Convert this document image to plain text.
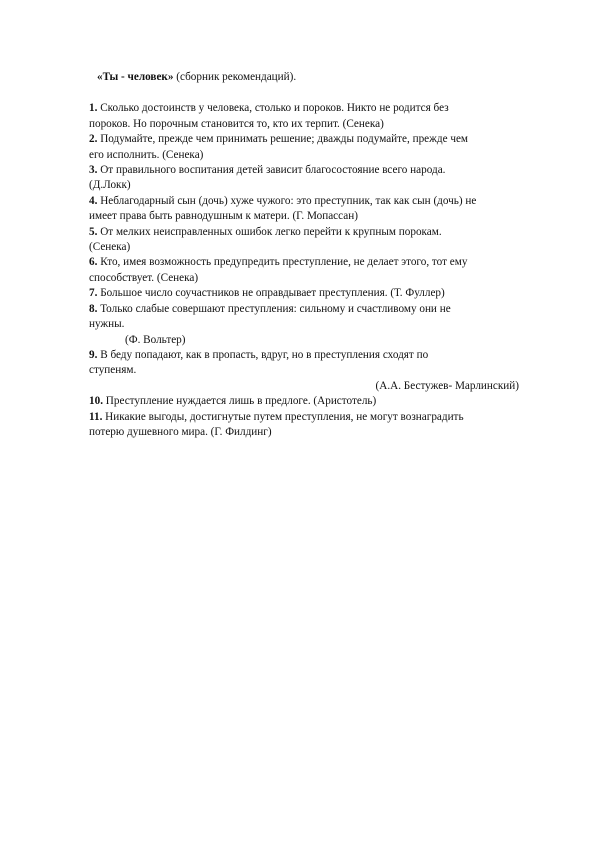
«Ты - человек» (сборник рекомендаций).
1. Сколько достоинств у человека, столько и пороков. Никто не родится без
пороков. Но порочным становится то, кто их терпит. (Сенека)
2. Подумайте, прежде чем принимать решение; дважды подумайте, прежде чем
его исполнить. (Сенека)
3. От правильного воспитания детей зависит благосостояние всего народа.
(Д.Локк)
4. Неблагодарный сын (дочь) хуже чужого: это преступник, так как сын (дочь) не
имеет права быть равнодушным к матери. (Г. Мопассан)
5. От мелких неисправленных ошибок легко перейти к крупным порокам.
(Сенека)
6. Кто, имея возможность предупредить преступление, не делает этого, тот ему
способствует. (Сенека)
7. Большое число соучастников не оправдывает преступления. (Т. Фуллер)
8. Только слабые совершают преступления: сильному и счастливому они не
нужны.
(Ф. Вольтер)
9. В беду попадают, как в пропасть, вдруг, но в преступления сходят по
ступеням.
(А.А. Бестужев- Марлинский)
10. Преступление нуждается лишь в предлоге. (Аристотель)
11. Никакие выгоды, достигнутые путем преступления, не могут вознаградить
потерю душевного мира. (Г. Филдинг)
